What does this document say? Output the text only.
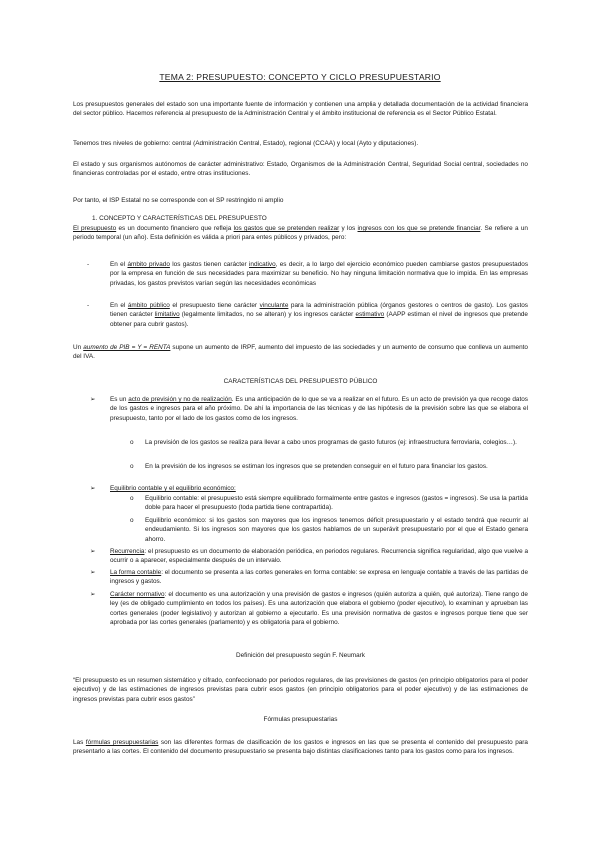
TEMA 2: PRESUPUESTO: CONCEPTO Y CICLO PRESUPUESTARIO

Los presupuestos generales del estado son una importante fuente de información y contienen una amplia y detallada documentación de la actividad financiera del sector público. Hacemos referencia al presupuesto de la Administración Central y el ámbito institucional de referencia es el Sector Público Estatal.

Tenemos tres niveles de gobierno: central (Administración Central, Estado), regional (CCAA) y local (Ayto y diputaciones).

El estado y sus organismos autónomos de carácter administrativo: Estado, Organismos de la Administración Central, Seguridad Social central, sociedades no financieras controladas por el estado, entre otras instituciones.

Por tanto, el ISP Estatal no se corresponde con el SP restringido ni amplio

1. CONCEPTO Y CARACTERÍSTICAS DEL PRESUPUESTO

El presupuesto es un documento financiero que refleja los gastos que se pretenden realizar y los ingresos con los que se pretende financiar. Se refiere a un periodo temporal (un año). Esta definición es válida a priori para entes públicos y privados, pero:

-	En el ámbito privado los gastos tienen carácter indicativo, es decir, a lo largo del ejercicio económico pueden cambiarse gastos presupuestados por la empresa en función de sus necesidades para maximizar su beneficio. No hay ninguna limitación normativa que lo impida. En las empresas privadas, los gastos previstos varían según las necesidades económicas

-	En el ámbito público el presupuesto tiene carácter vinculante para la administración pública (órganos gestores o centros de gasto). Los gastos tienen carácter limitativo (legalmente limitados, no se alteran) y los ingresos carácter estimativo (AAPP estiman el nivel de ingresos que pretende obtener para cubrir gastos).

Un aumento de PIB = Y = RENTA supone un aumento de IRPF, aumento del impuesto de las sociedades y un aumento de consumo que conlleva un aumento del IVA.

CARACTERÍSTICAS DEL PRESUPUESTO PÚBLICO
➢ Es un acto de previsión y no de realización. Es una anticipación de lo que se va a realizar en el futuro. Es un acto de previsión ya que recoge datos de los gastos e ingresos para el año próximo. De ahí la importancia de las técnicas y de las hipótesis de la previsión sobre las que se elabora el presupuesto, tanto por el lado de los gastos como de los ingresos.

o La previsión de los gastos se realiza para llevar a cabo unos programas de gasto futuros (ej: infraestructura ferroviaria, colegios…).

o En la previsión de los ingresos se estiman los ingresos que se pretenden conseguir en el futuro para financiar los gastos.

➢ Equilibrio contable y el equilibrio económico:

o Equilibrio contable: el presupuesto está siempre equilibrado formalmente entre gastos e ingresos (gastos = ingresos). Se usa la partida doble para hacer el presupuesto (toda partida tiene contrapartida).

o Equilibrio económico: si los gastos son mayores que los ingresos tenemos déficit presupuestario y el estado tendrá que recurrir al endeudamiento. Si los ingresos son mayores que los gastos hablamos de un superávit presupuestario por el que el Estado genera ahorro.

➢ Recurrencia: el presupuesto es un documento de elaboración periódica, en periodos regulares. Recurrencia significa regularidad, algo que vuelve a ocurrir o a aparecer, especialmente después de un intervalo.

➢ La forma contable: el documento se presenta a las cortes generales en forma contable: se expresa en lenguaje contable a través de las partidas de ingresos y gastos.

➢ Carácter normativo: el documento es una autorización y una previsión de gastos e ingresos (quién autoriza a quién, qué autoriza). Tiene rango de ley (es de obligado cumplimiento en todos los países). Es una autorización que elabora el gobierno (poder ejecutivo), lo examinan y aprueban las cortes generales (poder legislativo) y autorizan al gobierno a ejecutarlo. Es una previsión normativa de gastos e ingresos porque tiene que ser aprobada por las cortes generales (parlamento) y es obligatoria para el gobierno.

Definición del presupuesto según F. Neumark

“El presupuesto es un resumen sistemático y cifrado, confeccionado por periodos regulares, de las previsiones de gastos (en principio obligatorios para el poder ejecutivo) y de las estimaciones de ingresos previstas para cubrir esos gastos (en principio obligatorios para el poder ejecutivo) y de las estimaciones de ingresos previstas para cubrir esos gastos”

Fórmulas presupuestarias

Las fórmulas presupuestarias son las diferentes formas de clasificación de los gastos e ingresos en las que se presenta el contenido del presupuesto para presentarlo a las cortes. El contenido del documento presupuestario se presenta bajo distintas clasificaciones tanto para los gastos como para los ingresos.
